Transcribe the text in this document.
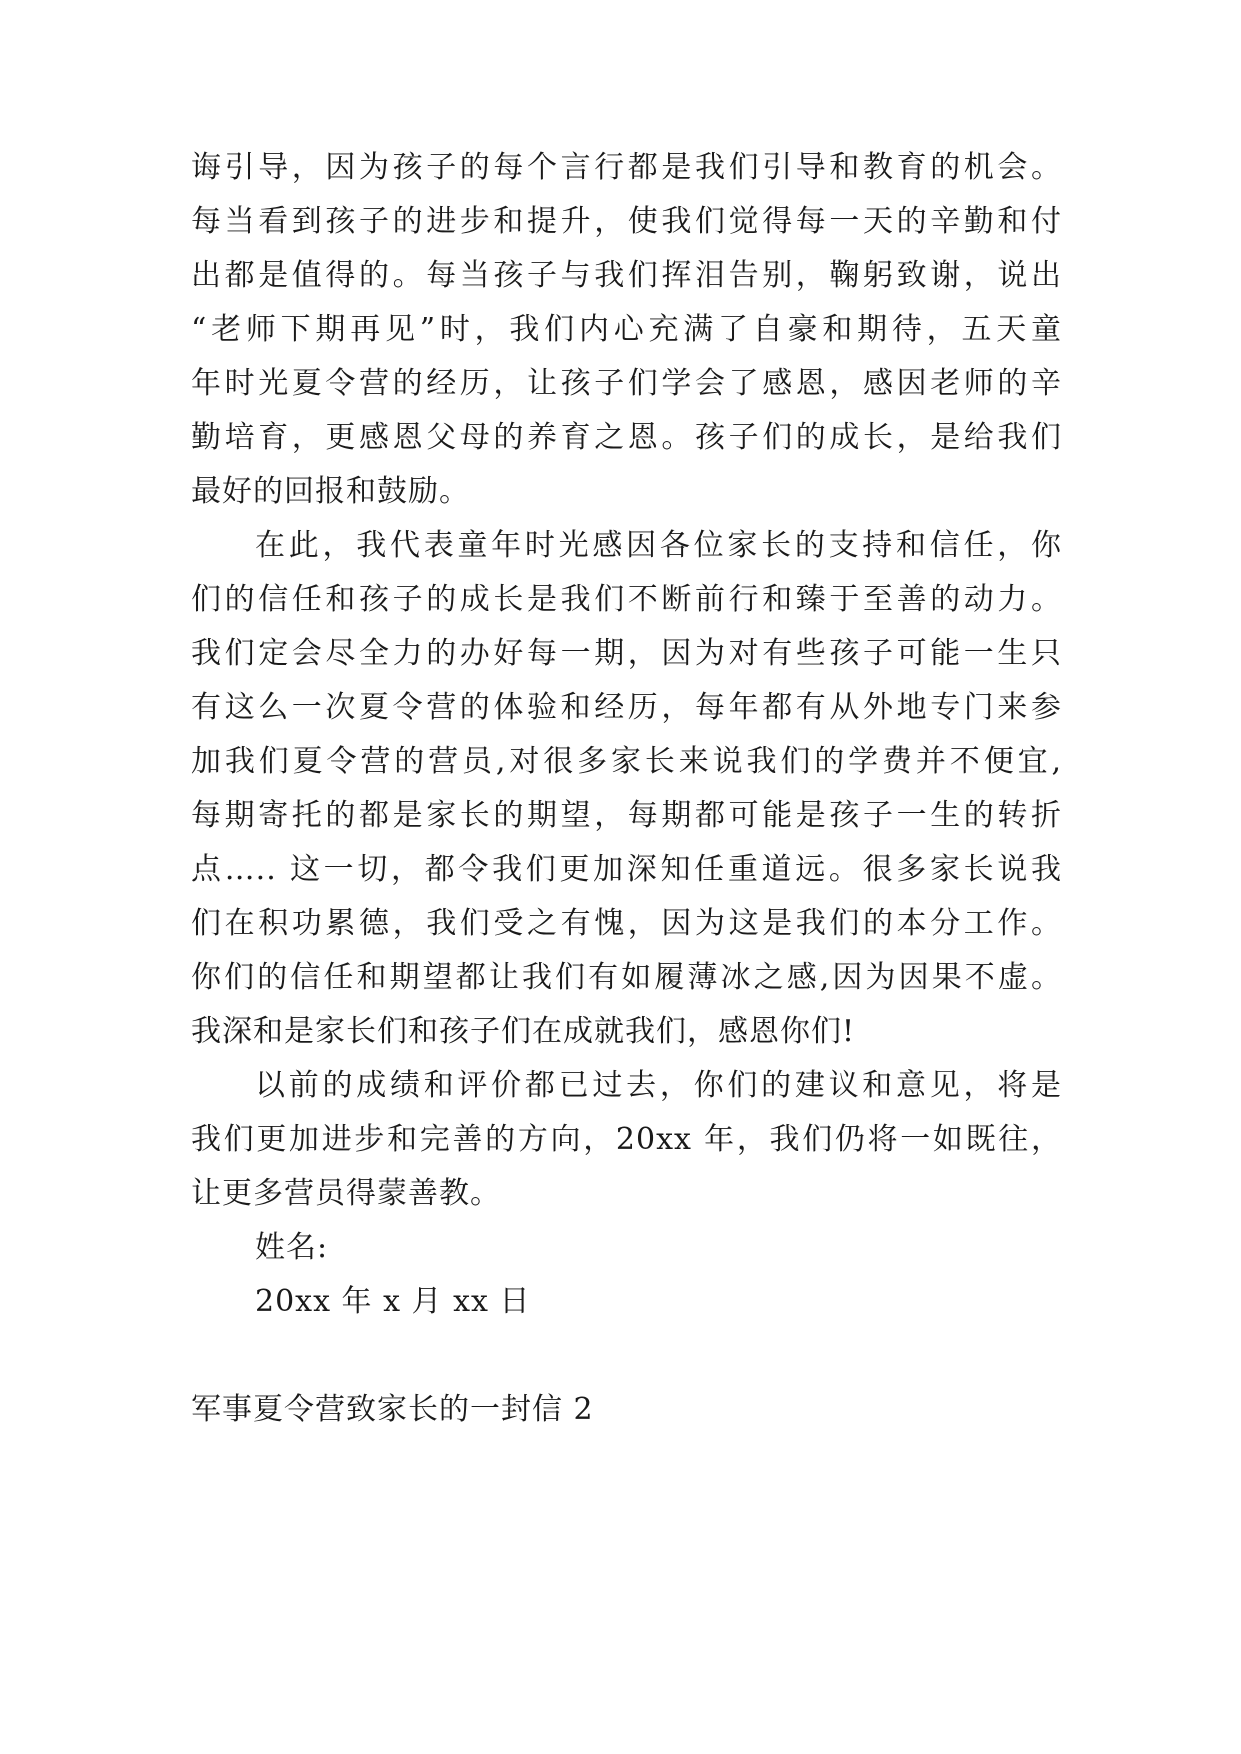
诲引导，因为孩子的每个言行都是我们引导和教育的机会。
每当看到孩子的进步和提升，使我们觉得每一天的辛勤和付
出都是值得的。每当孩子与我们挥泪告别，鞠躬致谢，说出
“老师下期再见”时，我们内心充满了自豪和期待，五天童
年时光夏令营的经历，让孩子们学会了感恩，感因老师的辛
勤培育，更感恩父母的养育之恩。孩子们的成长，是给我们
最好的回报和鼓励。
在此，我代表童年时光感因各位家长的支持和信任，你
们的信任和孩子的成长是我们不断前行和臻于至善的动力。
我们定会尽全力的办好每一期，因为对有些孩子可能一生只
有这么一次夏令营的体验和经历，每年都有从外地专门来参
加我们夏令营的营员,对很多家长来说我们的学费并不便宜,
每期寄托的都是家长的期望，每期都可能是孩子一生的转折
点….. 这一切，都令我们更加深知任重道远。很多家长说我
们在积功累德，我们受之有愧，因为这是我们的本分工作。
你们的信任和期望都让我们有如履薄冰之感,因为因果不虚。
我深和是家长们和孩子们在成就我们，感恩你们!
以前的成绩和评价都已过去，你们的建议和意见，将是
我们更加进步和完善的方向，20xx 年，我们仍将一如既往，
让更多营员得蒙善教。
姓名:
20xx 年 x 月 xx 日
军事夏令营致家长的一封信 2
